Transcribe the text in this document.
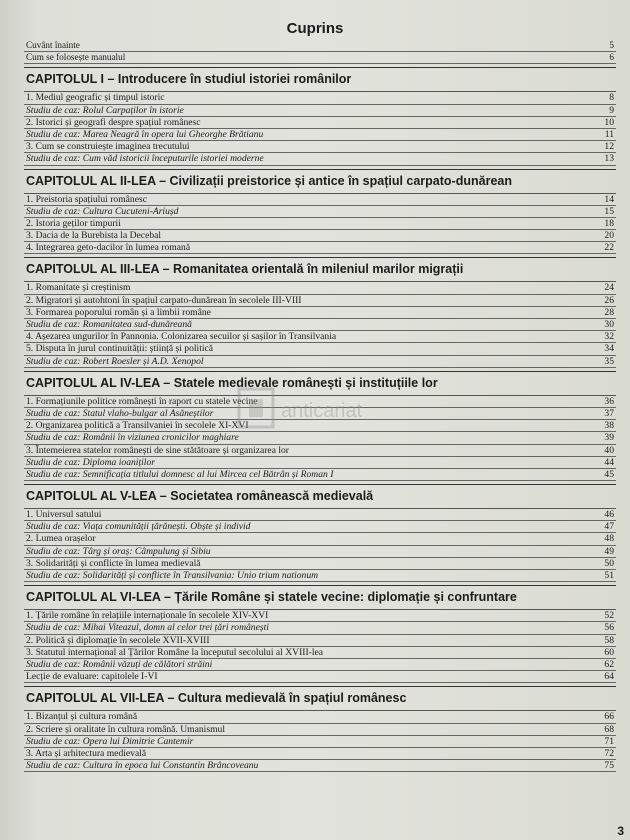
Cuprins
Cuvânt înainte	5
Cum se folosește manualul	6
CAPITOLUL I – Introducere în studiul istoriei românilor
1. Mediul geografic și timpul istoric	8
Studiu de caz: Rolul Carpaților în istorie	9
2. Istorici și geografi despre spațiul românesc	10
Studiu de caz: Marea Neagră în opera lui Gheorghe Brătianu	11
3. Cum se construiește imaginea trecutului	12
Studiu de caz: Cum văd istoricii începuturile istoriei moderne	13
CAPITOLUL AL II-LEA – Civilizații preistorice și antice în spațiul carpato-dunărean
1. Preistoria spațiului românesc	14
Studiu de caz: Cultura Cucuteni-Ariușd	15
2. Istoria geților timpurii	18
3. Dacia de la Burebista la Decebal	20
4. Integrarea geto-dacilor în lumea romană	22
CAPITOLUL AL III-LEA – Romanitatea orientală în mileniul marilor migrații
1. Romanitate și creștinism	24
2. Migratori și autohtoni în spațiul carpato-dunărean în secolele III-VIII	26
3. Formarea poporului român și a limbii române	28
Studiu de caz: Romanitatea sud-dunăreană	30
4. Așezarea ungurilor în Pannonia. Colonizarea secuilor și sașilor în Transilvania	32
5. Disputa în jurul continuității: știință și politică	34
Studiu de caz: Robert Roesler și A.D. Xenopol	35
CAPITOLUL AL IV-LEA – Statele medievale românești și instituțiile lor
1. Formațiunile politice românești în raport cu statele vecine	36
Studiu de caz: Statul vlaho-bulgar al Asăneștilor	37
2. Organizarea politică a Transilvaniei în secolele XI-XVI	38
Studiu de caz: Românii în viziunea cronicilor maghiare	39
3. Întemeierea statelor românești de sine stătătoare și organizarea lor	40
Studiu de caz: Diploma ioaniților	44
Studiu de caz: Semnificația titlului domnesc al lui Mircea cel Bătrân și Roman I	45
CAPITOLUL AL V-LEA – Societatea românească medievală
1. Universul satului	46
Studiu de caz: Viața comunității țărănești. Obște și individ	47
2. Lumea orașelor	48
Studiu de caz: Târg și oraș: Câmpulung și Sibiu	49
3. Solidarități și conflicte în lumea medievală	50
Studiu de caz: Solidarități și conflicte în Transilvania: Unio trium nationum	51
CAPITOLUL AL VI-LEA – Țările Române și statele vecine: diplomație și confruntare
1. Țările române în relațiile internaționale în secolele XIV-XVI	52
Studiu de caz: Mihai Viteazul, domn al celor trei țări românești	56
2. Politică și diplomație în secolele XVII-XVIII	58
3. Statutul internațional al Țărilor Române la începutul secolului al XVIII-lea	60
Studiu de caz: Românii văzuți de călători străini	62
Lecție de evaluare: capitolele I-VI	64
CAPITOLUL AL VII-LEA – Cultura medievală în spațiul românesc
1. Bizanțul și cultura română	66
2. Scriere și oralitate în cultura română. Umanismul	68
Studiu de caz: Opera lui Dimitrie Cantemir	71
3. Arta și arhitectura medievală	72
Studiu de caz: Cultura în epoca lui Constantin Brâncoveanu	75
anticariat
3
